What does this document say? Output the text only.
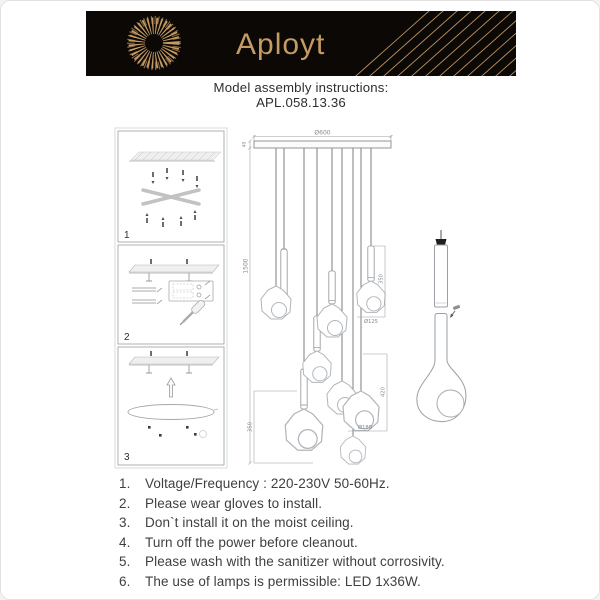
Aployt
Model assembly instructions:
APL.058.13.36
1
2
3
Ø600
40
1500
350
350
Ø125
420
Ø180
1.	Voltage/Frequency : 220-230V 50-60Hz.
2.	Please wear gloves to install.
3.	Don`t install it on the moist ceiling.
4.	Turn off the power before cleanout.
5.	Please wash with the sanitizer without corrosivity.
6.	The use of lamps is permissible: LED 1x36W.
